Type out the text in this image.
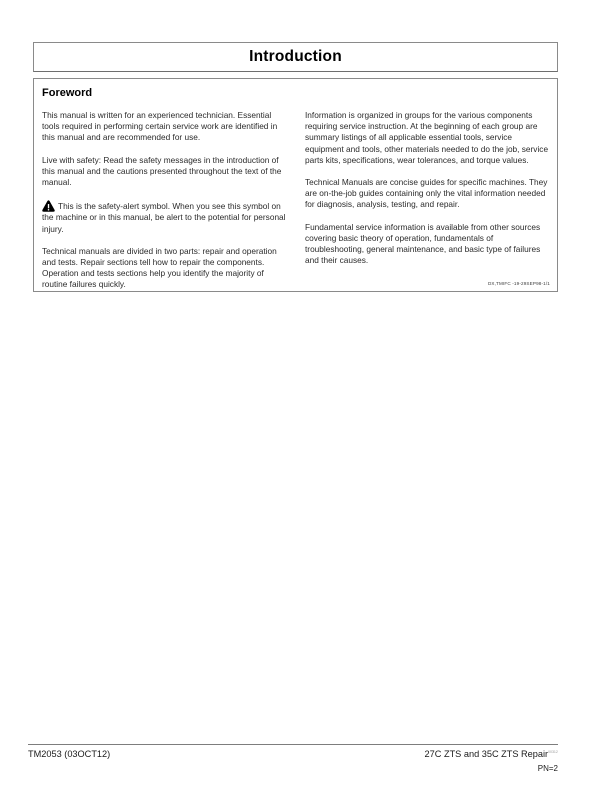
Introduction
Foreword

This manual is written for an experienced technician. Essential tools required in performing certain service work are identified in this manual and are recommended for use.

Live with safety: Read the safety messages in the introduction of this manual and the cautions presented throughout the text of the manual.

This is the safety-alert symbol. When you see this symbol on the machine or in this manual, be alert to the potential for personal injury.

Technical manuals are divided in two parts: repair and operation and tests. Repair sections tell how to repair the components. Operation and tests sections help you identify the majority of routine failures quickly.

Information is organized in groups for the various components requiring service instruction. At the beginning of each group are summary listings of all applicable essential tools, service equipment and tools, other materials needed to do the job, service parts kits, specifications, wear tolerances, and torque values.

Technical Manuals are concise guides for specific machines. They are on-the-job guides containing only the vital information needed for diagnosis, analysis, testing, and repair.

Fundamental service information is available from other sources covering basic theory of operation, fundamentals of troubleshooting, general maintenance, and basic type of failures and their causes.

DX,TMIFC -19-29SEP98-1/1
TM2053 (03OCT12)	27C ZTS and 35C ZTS Repair$^{00312}$
PN=2
